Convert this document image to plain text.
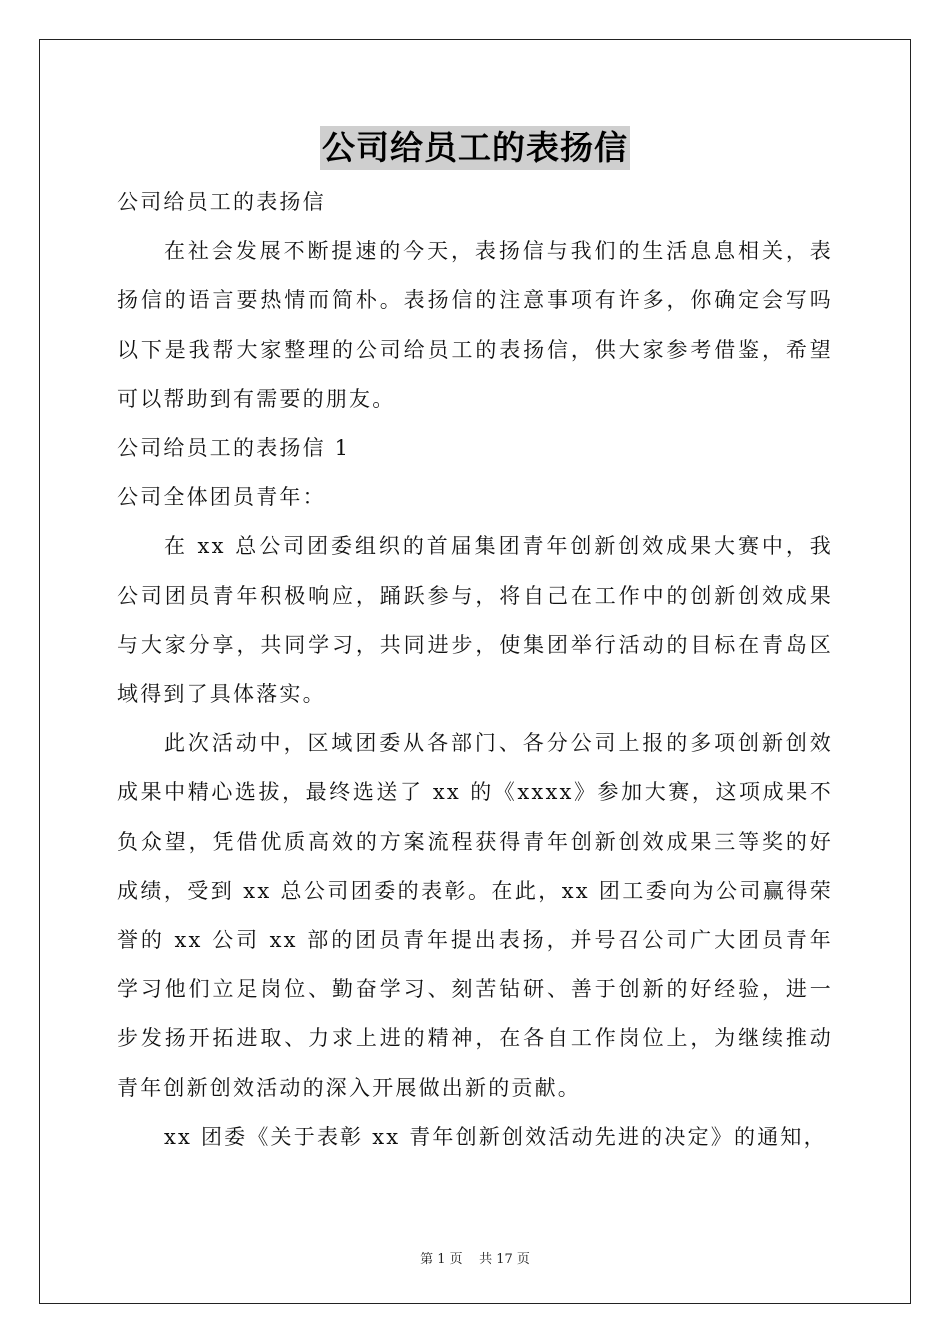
公司给员工的表扬信

公司给员工的表扬信

在社会发展不断提速的今天，表扬信与我们的生活息息相关，表扬信的语言要热情而简朴。表扬信的注意事项有许多，你确定会写吗以下是我帮大家整理的公司给员工的表扬信，供大家参考借鉴，希望可以帮助到有需要的朋友。

公司给员工的表扬信 1

公司全体团员青年：

在 xx 总公司团委组织的首届集团青年创新创效成果大赛中，我公司团员青年积极响应，踊跃参与，将自己在工作中的创新创效成果与大家分享，共同学习，共同进步，使集团举行活动的目标在青岛区域得到了具体落实。

此次活动中，区域团委从各部门、各分公司上报的多项创新创效成果中精心选拔，最终选送了 xx 的《xxxx》参加大赛，这项成果不负众望，凭借优质高效的方案流程获得青年创新创效成果三等奖的好成绩，受到 xx 总公司团委的表彰。在此，xx 团工委向为公司赢得荣誉的 xx 公司 xx 部的团员青年提出表扬，并号召公司广大团员青年学习他们立足岗位、勤奋学习、刻苦钻研、善于创新的好经验，进一步发扬开拓进取、力求上进的精神，在各自工作岗位上，为继续推动青年创新创效活动的深入开展做出新的贡献。

xx 团委《关于表彰 xx 青年创新创效活动先进的决定》的通知，

第 1 页    共 17 页
